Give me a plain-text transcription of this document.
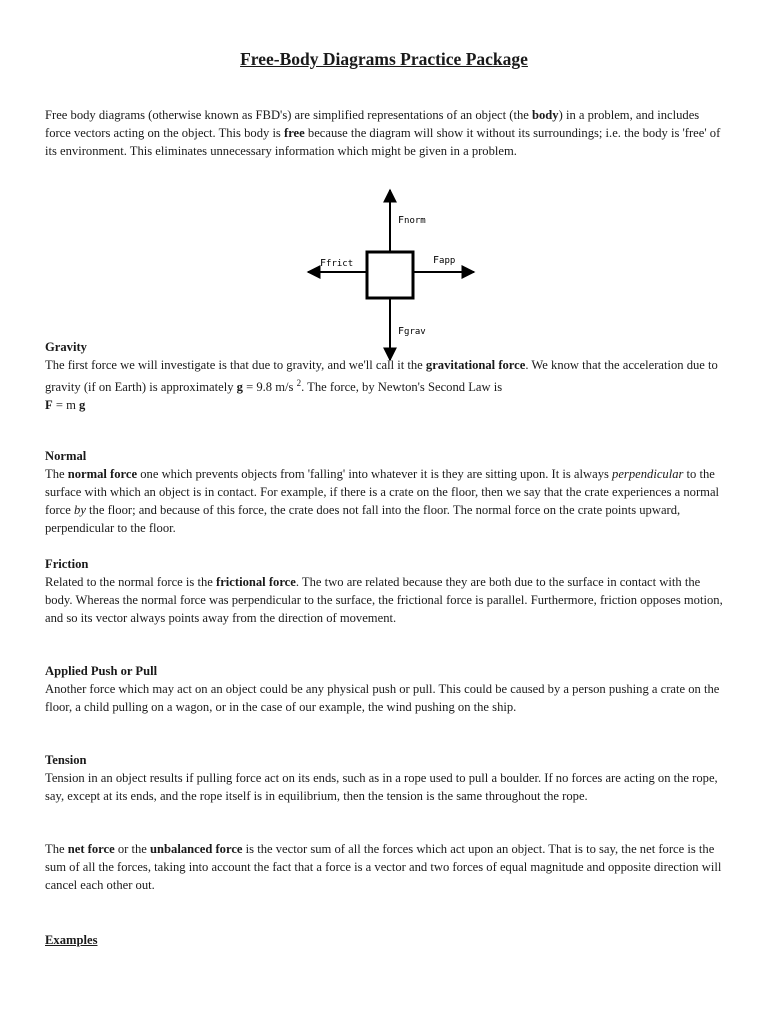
Free-Body Diagrams Practice Package

Free body diagrams (otherwise known as FBD's) are simplified representations of an object (the body) in a problem, and includes force vectors acting on the object. This body is free because the diagram will show it without its surroundings; i.e. the body is 'free' of its environment. This eliminates unnecessary information which might be given in a problem.

Fnorm
Ffrict	Fapp
Fgrav

Gravity
The first force we will investigate is that due to gravity, and we'll call it the gravitational force. We know that the acceleration due to gravity (if on Earth) is approximately g = 9.8 m/s $^2$. The force, by Newton's Second Law is
F = m g

Normal
The normal force one which prevents objects from 'falling' into whatever it is they are sitting upon. It is always perpendicular to the surface with which an object is in contact. For example, if there is a crate on the floor, then we say that the crate experiences a normal force by the floor; and because of this force, the crate does not fall into the floor. The normal force on the crate points upward, perpendicular to the floor.

Friction
Related to the normal force is the frictional force. The two are related because they are both due to the surface in contact with the body. Whereas the normal force was perpendicular to the surface, the frictional force is parallel. Furthermore, friction opposes motion, and so its vector always points away from the direction of movement.

Applied Push or Pull
Another force which may act on an object could be any physical push or pull. This could be caused by a person pushing a crate on the floor, a child pulling on a wagon, or in the case of our example, the wind pushing on the ship.

Tension
Tension in an object results if pulling force act on its ends, such as in a rope used to pull a boulder. If no forces are acting on the rope, say, except at its ends, and the rope itself is in equilibrium, then the tension is the same throughout the rope.

The net force or the unbalanced force is the vector sum of all the forces which act upon an object. That is to say, the net force is the sum of all the forces, taking into account the fact that a force is a vector and two forces of equal magnitude and opposite direction will cancel each other out.

Examples
